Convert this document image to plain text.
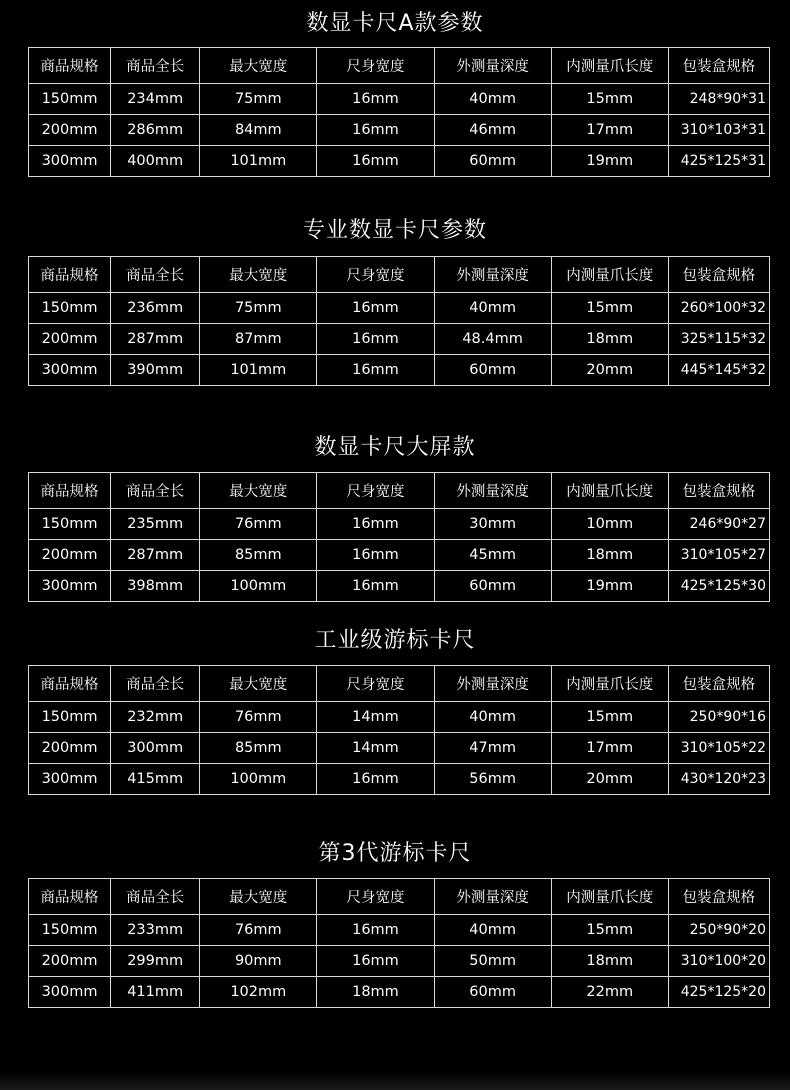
数显卡尺A款参数
商品规格	商品全长	最大宽度	尺身宽度	外测量深度	内测量爪长度	包装盒规格
150mm	234mm	75mm	16mm	40mm	15mm	248*90*31
200mm	286mm	84mm	16mm	46mm	17mm	310*103*31
300mm	400mm	101mm	16mm	60mm	19mm	425*125*31
专业数显卡尺参数
商品规格	商品全长	最大宽度	尺身宽度	外测量深度	内测量爪长度	包装盒规格
150mm	236mm	75mm	16mm	40mm	15mm	260*100*32
200mm	287mm	87mm	16mm	48.4mm	18mm	325*115*32
300mm	390mm	101mm	16mm	60mm	20mm	445*145*32
数显卡尺大屏款
商品规格	商品全长	最大宽度	尺身宽度	外测量深度	内测量爪长度	包装盒规格
150mm	235mm	76mm	16mm	30mm	10mm	246*90*27
200mm	287mm	85mm	16mm	45mm	18mm	310*105*27
300mm	398mm	100mm	16mm	60mm	19mm	425*125*30
工业级游标卡尺
商品规格	商品全长	最大宽度	尺身宽度	外测量深度	内测量爪长度	包装盒规格
150mm	232mm	76mm	14mm	40mm	15mm	250*90*16
200mm	300mm	85mm	14mm	47mm	17mm	310*105*22
300mm	415mm	100mm	16mm	56mm	20mm	430*120*23
第3代游标卡尺
商品规格	商品全长	最大宽度	尺身宽度	外测量深度	内测量爪长度	包装盒规格
150mm	233mm	76mm	16mm	40mm	15mm	250*90*20
200mm	299mm	90mm	16mm	50mm	18mm	310*100*20
300mm	411mm	102mm	18mm	60mm	22mm	425*125*20
